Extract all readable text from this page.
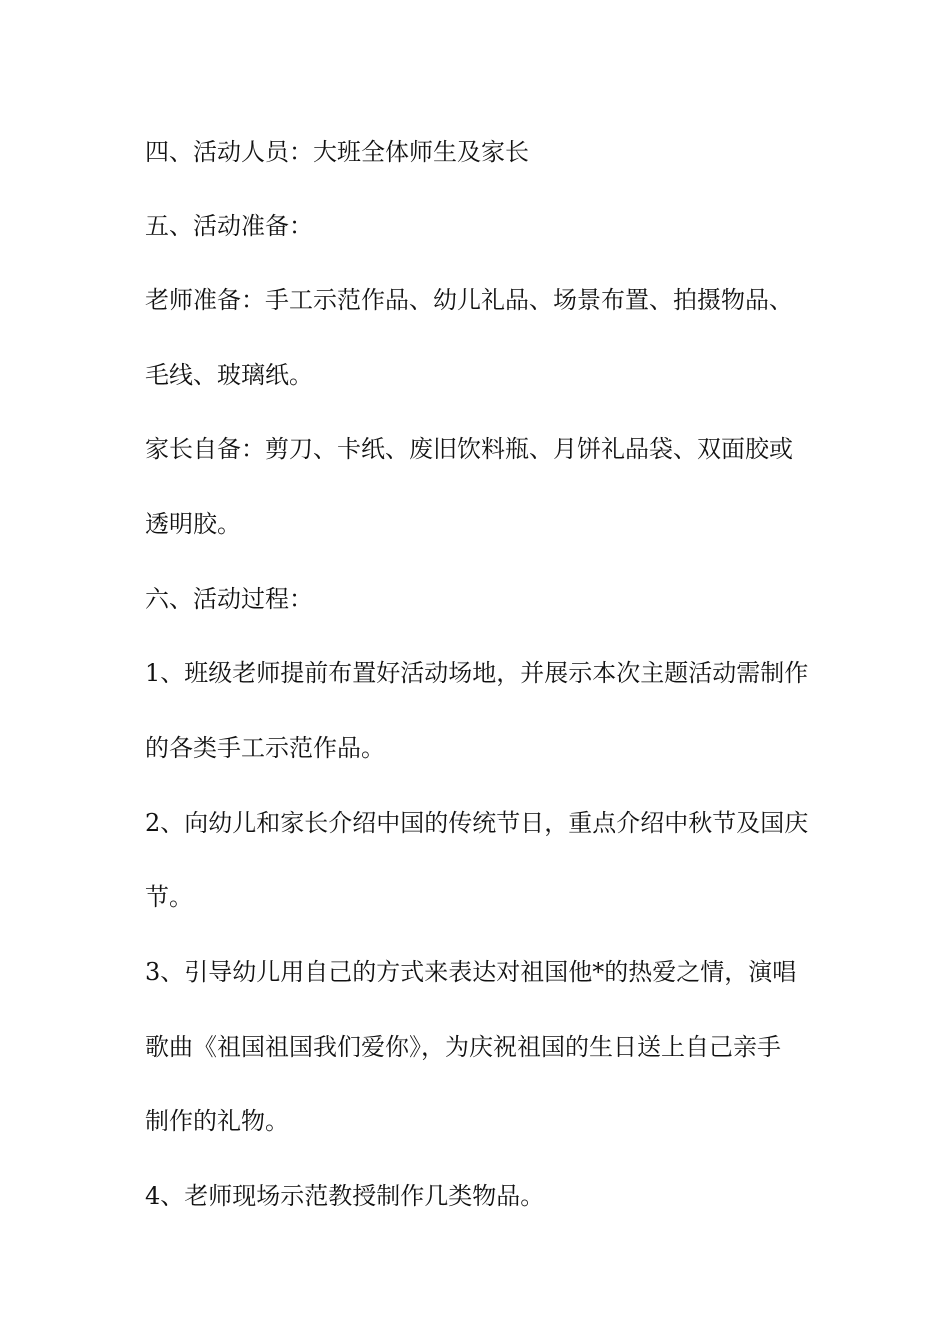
四、活动人员：大班全体师生及家长
五、活动准备：
老师准备：手工示范作品、幼儿礼品、场景布置、拍摄物品、
毛线、玻璃纸。
家长自备：剪刀、卡纸、废旧饮料瓶、月饼礼品袋、双面胶或
透明胶。
六、活动过程：
1、班级老师提前布置好活动场地，并展示本次主题活动需制作
的各类手工示范作品。
2、向幼儿和家长介绍中国的传统节日，重点介绍中秋节及国庆
节。
3、引导幼儿用自己的方式来表达对祖国他*的热爱之情，演唱
歌曲《祖国祖国我们爱你》，为庆祝祖国的生日送上自己亲手
制作的礼物。
4、老师现场示范教授制作几类物品。
